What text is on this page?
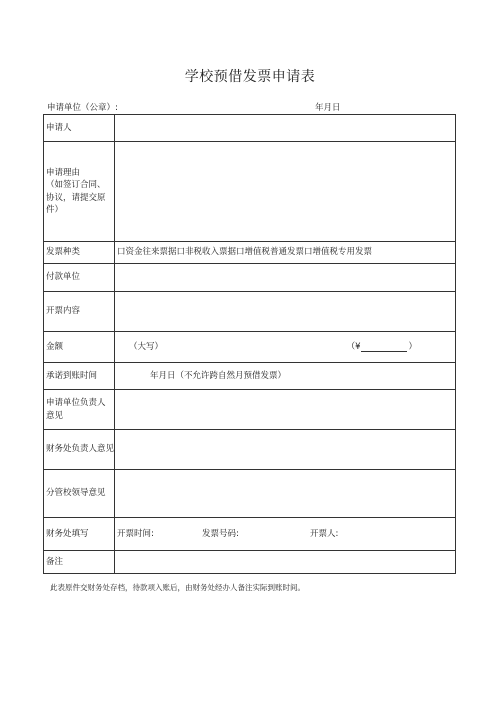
学校预借发票申请表
申请单位（公章）:	年月日
申请人	

申请理由
（如签订合同、协议，请提交原件）	

发票种类	口资金往来票据口非税收入票据口增值税普通发票口增值税专用发票
付款单位	
开票内容	
金额	（大写） （¥ ）

承诺到账时间	年月日（不允许跨自然月预借发票）
申请单位负责人意见	
财务处负责人意见	
分管校领导意见	
财务处填写	开票时间: 发票号码: 开票人:

备注	
此表原件交财务处存档，待款项入账后，由财务处经办人备注实际到账时间。
